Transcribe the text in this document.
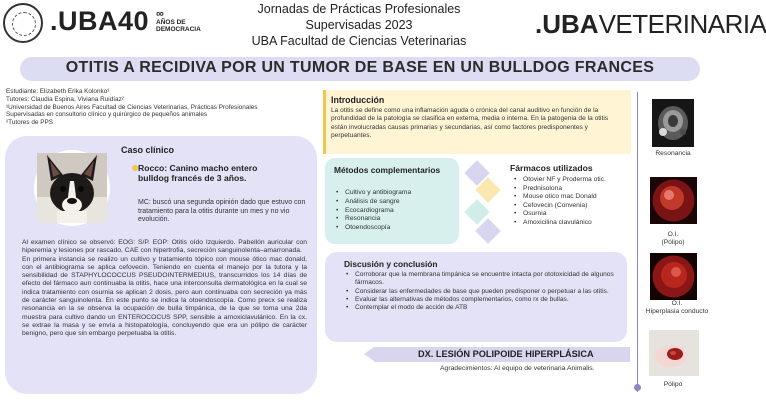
.UBA40 ∞
AÑOS DE
DEMOCRACIA
Jornadas de Prácticas Profesionales
Supervisadas 2023
UBA Facultad de Ciencias Veterinarias
.UBAVETERINARIA
OTITIS A RECIDIVA POR UN TUMOR DE BASE EN UN BULLDOG FRANCES
Estudiante: Elizabeth Erika Kolonko¹
Tutores: Claudia Espina, Viviana Ruidíaz²
¹Universidad de Buenos Aires Facultad de Ciencias Veterinarias, Prácticas Profesionales
Supervisadas en consultorio clínico y quirúrgico de pequeños animales
²Tutores de PPS
Caso clínico
Rocco: Canino macho entero bulldog francés de 3 años.
MC: buscó una segunda opinión dado que estuvo con tratamiento para la otitis durante un mes y no vio evolución.
Al examen clínico se observó: EOG: S/P. EOP: Otitis oído Izquierdo. Pabellón auricular con hiperemia y lesiones por rascado, CAE con hipertrofia, secreción sanguinolenta–amarronada.
En primera instancia se realizo un cultivo y tratamiento tópico con mouse ótico mac donald, con el antibiograma se aplica cefovecin. Teniendo en cuenta el manejo por la tutora y la sensibilidad de STAPHYLOCOCCUS PSEUDOINTERMEDIUS, transcurridos los 14 días de efecto del fármaco aun continuaba la otitis, hace una interconsulta dermatológica en la cual se indica tratamiento con osurnia se aplican 2 dosis, pero aun continuaba con secreción ya más de carácter sanguinolenta. En este punto se indica la otoendoscopía. Como precx se realiza resonancia en la se observa la ocupación de bulla timpánica, de la que se toma una 2da muestra para cultivo dando un ENTEROCOCUS SPP, sensible a amoxiclavulánico. En la cx. se extrae la masa y se envía a histopatología, concluyendo que era un pólipo de carácter benigno, pero que sin embargo perpetuaba la otitis.
Introducción
La otitis se define como una inflamación aguda o crónica del canal auditivo en función de la profundidad de la patología se clasifica en externa, media o interna. En la patogenia de la otitis están involucradas causas primarias y secundarias, así como factores predisponentes y perpetuantes.
Métodos complementarios
• Cultivo y antibiograma
• Análisis de sangre
• Ecocardiograma
• Resonancia
• Otoendoscopía
Fármacos utilizados
• Otovier NF y Proderma otic.
• Prednisolona
• Mouse otico mac Donald
• Cefovecin (Convenia)
• Osurnia
• Amoxicilina clavulánico
Discusión y conclusión
• Corroborar que la membrana timpánica se encuentre intacta por ototoxicidad de algunos fármacos.
• Considerar las enfermedades de base que pueden predisponer o perpetuar a las otitis.
• Evaluar las alternativas de métodos complementarios, como rx de bullas.
• Contemplar el modo de acción de ATB
DX. LESIÓN POLIPOIDE HIPERPLÁSICA
Agradecimientos: Al equipo de veterinaria Animalis.
Resonancia
O.I.
(Pólipo)
O.I.
Hiperplasia conducto
Pólipo
